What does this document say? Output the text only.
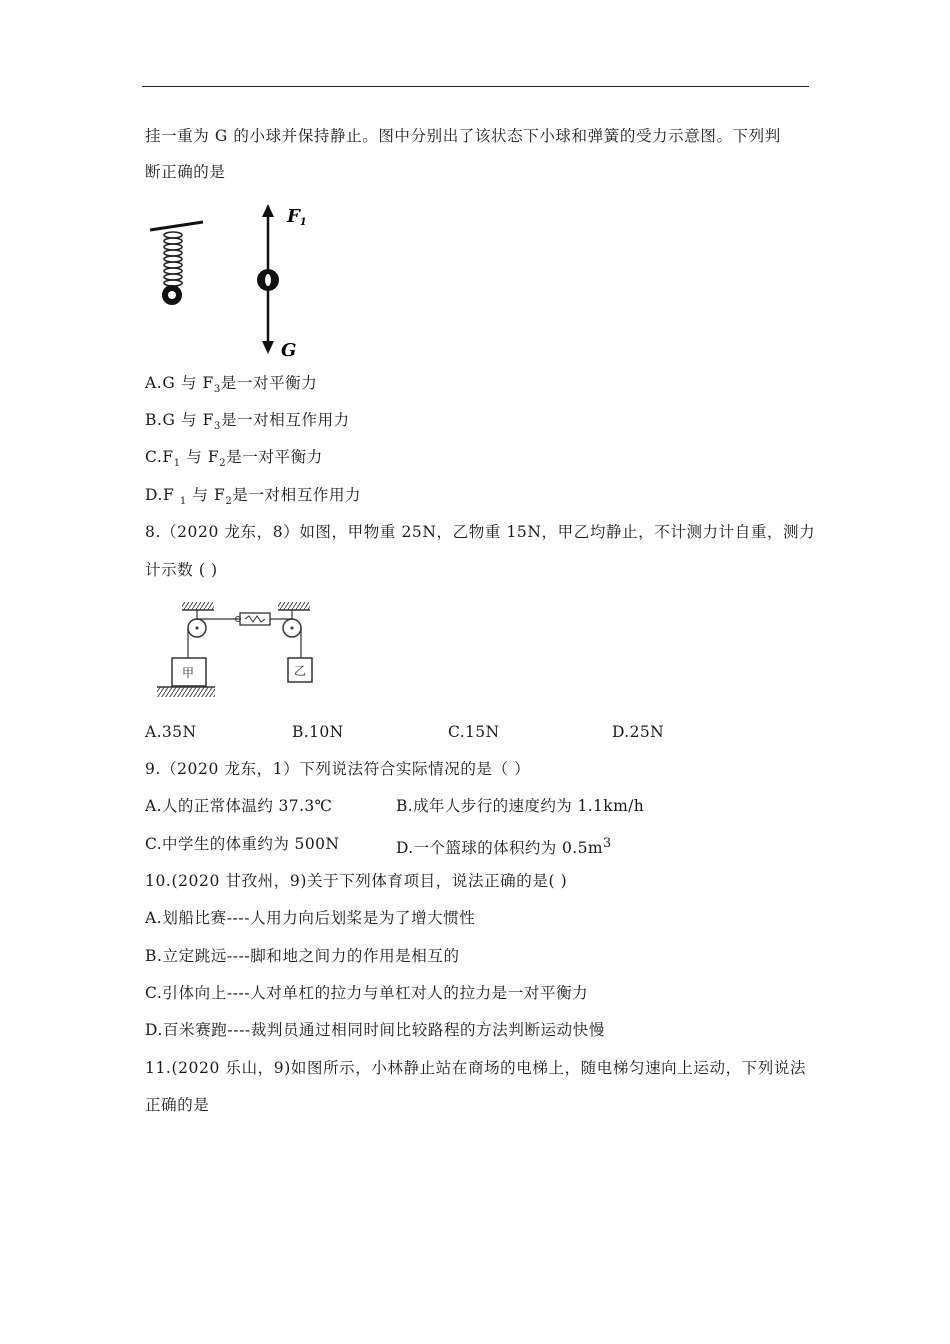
挂一重为 G 的小球并保持静止。图中分别出了该状态下小球和弹簧的受力示意图。下列判
断正确的是
F1
G
A.G 与 $F_3$是一对平衡力
B.G 与 $F_3$是一对相互作用力
$C.F_1$ 与 $F_2$是一对平衡力
D.F $_1$ 与 $F_2$是一对相互作用力
8.（2020 龙东，8）如图，甲物重 25N，乙物重 15N，甲乙均静止，不计测力计自重，测力
计示数 ( )
甲	乙
A.35N	B.10N	C.15N	D.25N
9.（2020 龙东，1）下列说法符合实际情况的是（ ）
A.人的正常体温约 37.3℃	B.成年人步行的速度约为 1.1km/h
C.中学生的体重约为 500N	D.一个篮球的体积约为 $0.5m^3$
10.(2020 甘孜州，9)关于下列体育项目，说法正确的是( )
A.划船比赛----人用力向后划桨是为了增大惯性
B.立定跳远----脚和地之间力的作用是相互的
C.引体向上----人对单杠的拉力与单杠对人的拉力是一对平衡力
D.百米赛跑----裁判员通过相同时间比较路程的方法判断运动快慢
11.(2020 乐山，9)如图所示，小林静止站在商场的电梯上，随电梯匀速向上运动，下列说法
正确的是
